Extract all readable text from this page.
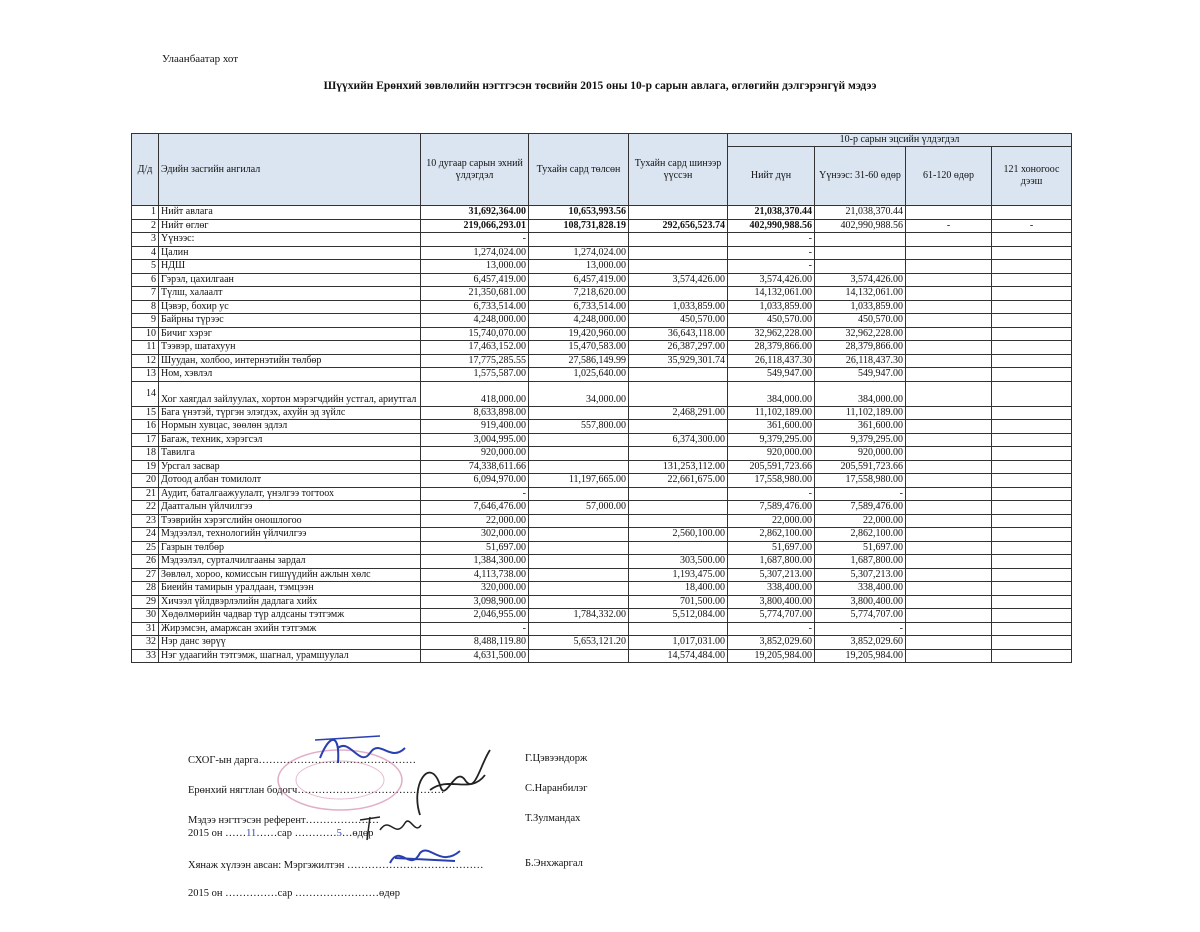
Улаанбаатар хот
Шүүхийн Ерөнхий зөвлөлийн нэгтгэсэн төсвийн 2015 оны 10-р сарын авлага, өглөгийн дэлгэрэнгүй мэдээ
Д/д	Эдийн засгийн ангилал	10 дугаар сарын эхний үлдэгдэл	Тухайн сард төлсөн	Тухайн сард шинээр үүссэн	10-р сарын эцсийн үлдэгдэл			
					Нийт дүн	Үүнээс: 31-60 өдөр	61-120 өдөр	121 хоногоос дээш
1	Нийт авлага	31,692,364.00	10,653,993.56		21,038,370.44	21,038,370.44		
2	Нийт өглөг	219,066,293.01	108,731,828.19	292,656,523.74	402,990,988.56	402,990,988.56	-	-
3	Үүнээс:	-			-			
4	Цалин	1,274,024.00	1,274,024.00		-			
5	НДШ	13,000.00	13,000.00		-			
6	Гэрэл, цахилгаан	6,457,419.00	6,457,419.00	3,574,426.00	3,574,426.00	3,574,426.00		
7	Түлш, халаалт	21,350,681.00	7,218,620.00		14,132,061.00	14,132,061.00		
8	Цэвэр, бохир ус	6,733,514.00	6,733,514.00	1,033,859.00	1,033,859.00	1,033,859.00		
9	Байрны түрээс	4,248,000.00	4,248,000.00	450,570.00	450,570.00	450,570.00		
10	Бичиг хэрэг	15,740,070.00	19,420,960.00	36,643,118.00	32,962,228.00	32,962,228.00		
11	Тээвэр, шатахуун	17,463,152.00	15,470,583.00	26,387,297.00	28,379,866.00	28,379,866.00		
12	Шуудан, холбоо, интернэтийн төлбөр	17,775,285.55	27,586,149.99	35,929,301.74	26,118,437.30	26,118,437.30		
13	Ном, хэвлэл	1,575,587.00	1,025,640.00		549,947.00	549,947.00		
14	Хог хаягдал зайлуулах, хортон мэрэгчдийн устгал, ариутгал	418,000.00	34,000.00		384,000.00	384,000.00		
15	Бага үнэтэй, түргэн элэгдэх, ахуйн эд зүйлс	8,633,898.00		2,468,291.00	11,102,189.00	11,102,189.00		
16	Нормын хувцас, зөөлөн эдлэл	919,400.00	557,800.00		361,600.00	361,600.00		
17	Багаж, техник, хэрэгсэл	3,004,995.00		6,374,300.00	9,379,295.00	9,379,295.00		
18	Тавилга	920,000.00			920,000.00	920,000.00		
19	Урсгал засвар	74,338,611.66		131,253,112.00	205,591,723.66	205,591,723.66		
20	Дотоод албан томилолт	6,094,970.00	11,197,665.00	22,661,675.00	17,558,980.00	17,558,980.00		
21	Аудит, баталгаажуулалт, үнэлгээ тогтоох	-			-	-		
22	Даатгалын үйлчилгээ	7,646,476.00	57,000.00		7,589,476.00	7,589,476.00		
23	Тээврийн хэрэгслийн оношлогоо	22,000.00			22,000.00	22,000.00		
24	Мэдээлэл, технологийн үйлчилгээ	302,000.00		2,560,100.00	2,862,100.00	2,862,100.00		
25	Газрын төлбөр	51,697.00			51,697.00	51,697.00		
26	Мэдээлэл, сурталчилгааны зардал	1,384,300.00		303,500.00	1,687,800.00	1,687,800.00		
27	Зөвлөл, хороо, комиссын гишүүдийн ажлын хөлс	4,113,738.00		1,193,475.00	5,307,213.00	5,307,213.00		
28	Биеийн тамирын уралдаан, тэмцээн	320,000.00		18,400.00	338,400.00	338,400.00		
29	Хичээл үйлдвэрлэлийн дадлага хийх	3,098,900.00		701,500.00	3,800,400.00	3,800,400.00		
30	Хөдөлмөрийн чадвар түр алдсаны тэтгэмж	2,046,955.00	1,784,332.00	5,512,084.00	5,774,707.00	5,774,707.00		
31	Жирэмсэн, амаржсан эхийн тэтгэмж	-			-	-		
32	Нэр данс зөрүү	8,488,119.80	5,653,121.20	1,017,031.00	3,852,029.60	3,852,029.60		
33	Нэг удаагийн тэтгэмж, шагнал, урамшуулал	4,631,500.00		14,574,484.00	19,205,984.00	19,205,984.00		
СХОГ-ын дарга………………………………………	Г.Цэвээндорж
Ерөнхий нягтлан бодогч……………………………………	С.Наранбилэг
Мэдээ нэгтгэсэн референт…………………	Т.Зулмандах
2015 он ……11……сар …………5…өдөр
Хянаж хүлээн авсан: Мэргэжилтэн …………………………………	Б.Энхжаргал
2015 он ……………сар ……………………өдөр
